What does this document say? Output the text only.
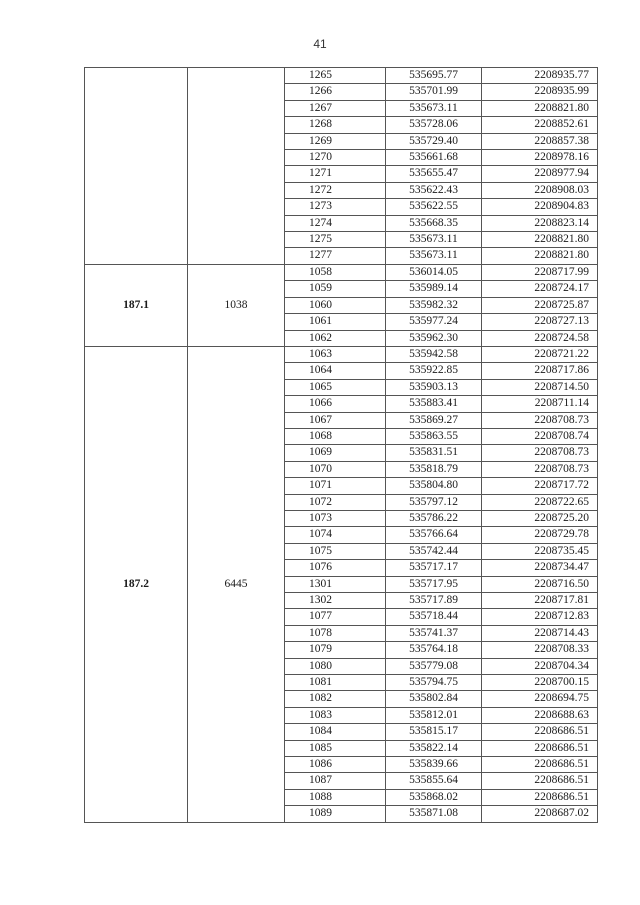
41
		1265	535695.77	2208935.77
		1266	535701.99	2208935.99
		1267	535673.11	2208821.80
		1268	535728.06	2208852.61
		1269	535729.40	2208857.38
		1270	535661.68	2208978.16
		1271	535655.47	2208977.94
		1272	535622.43	2208908.03
		1273	535622.55	2208904.83
		1274	535668.35	2208823.14
		1275	535673.11	2208821.80
		1277	535673.11	2208821.80
187.1	1038	1058	536014.05	2208717.99
		1059	535989.14	2208724.17
		1060	535982.32	2208725.87
		1061	535977.24	2208727.13
		1062	535962.30	2208724.58
187.2	6445	1063	535942.58	2208721.22
		1064	535922.85	2208717.86
		1065	535903.13	2208714.50
		1066	535883.41	2208711.14
		1067	535869.27	2208708.73
		1068	535863.55	2208708.74
		1069	535831.51	2208708.73
		1070	535818.79	2208708.73
		1071	535804.80	2208717.72
		1072	535797.12	2208722.65
		1073	535786.22	2208725.20
		1074	535766.64	2208729.78
		1075	535742.44	2208735.45
		1076	535717.17	2208734.47
		1301	535717.95	2208716.50
		1302	535717.89	2208717.81
		1077	535718.44	2208712.83
		1078	535741.37	2208714.43
		1079	535764.18	2208708.33
		1080	535779.08	2208704.34
		1081	535794.75	2208700.15
		1082	535802.84	2208694.75
		1083	535812.01	2208688.63
		1084	535815.17	2208686.51
		1085	535822.14	2208686.51
		1086	535839.66	2208686.51
		1087	535855.64	2208686.51
		1088	535868.02	2208686.51
		1089	535871.08	2208687.02
